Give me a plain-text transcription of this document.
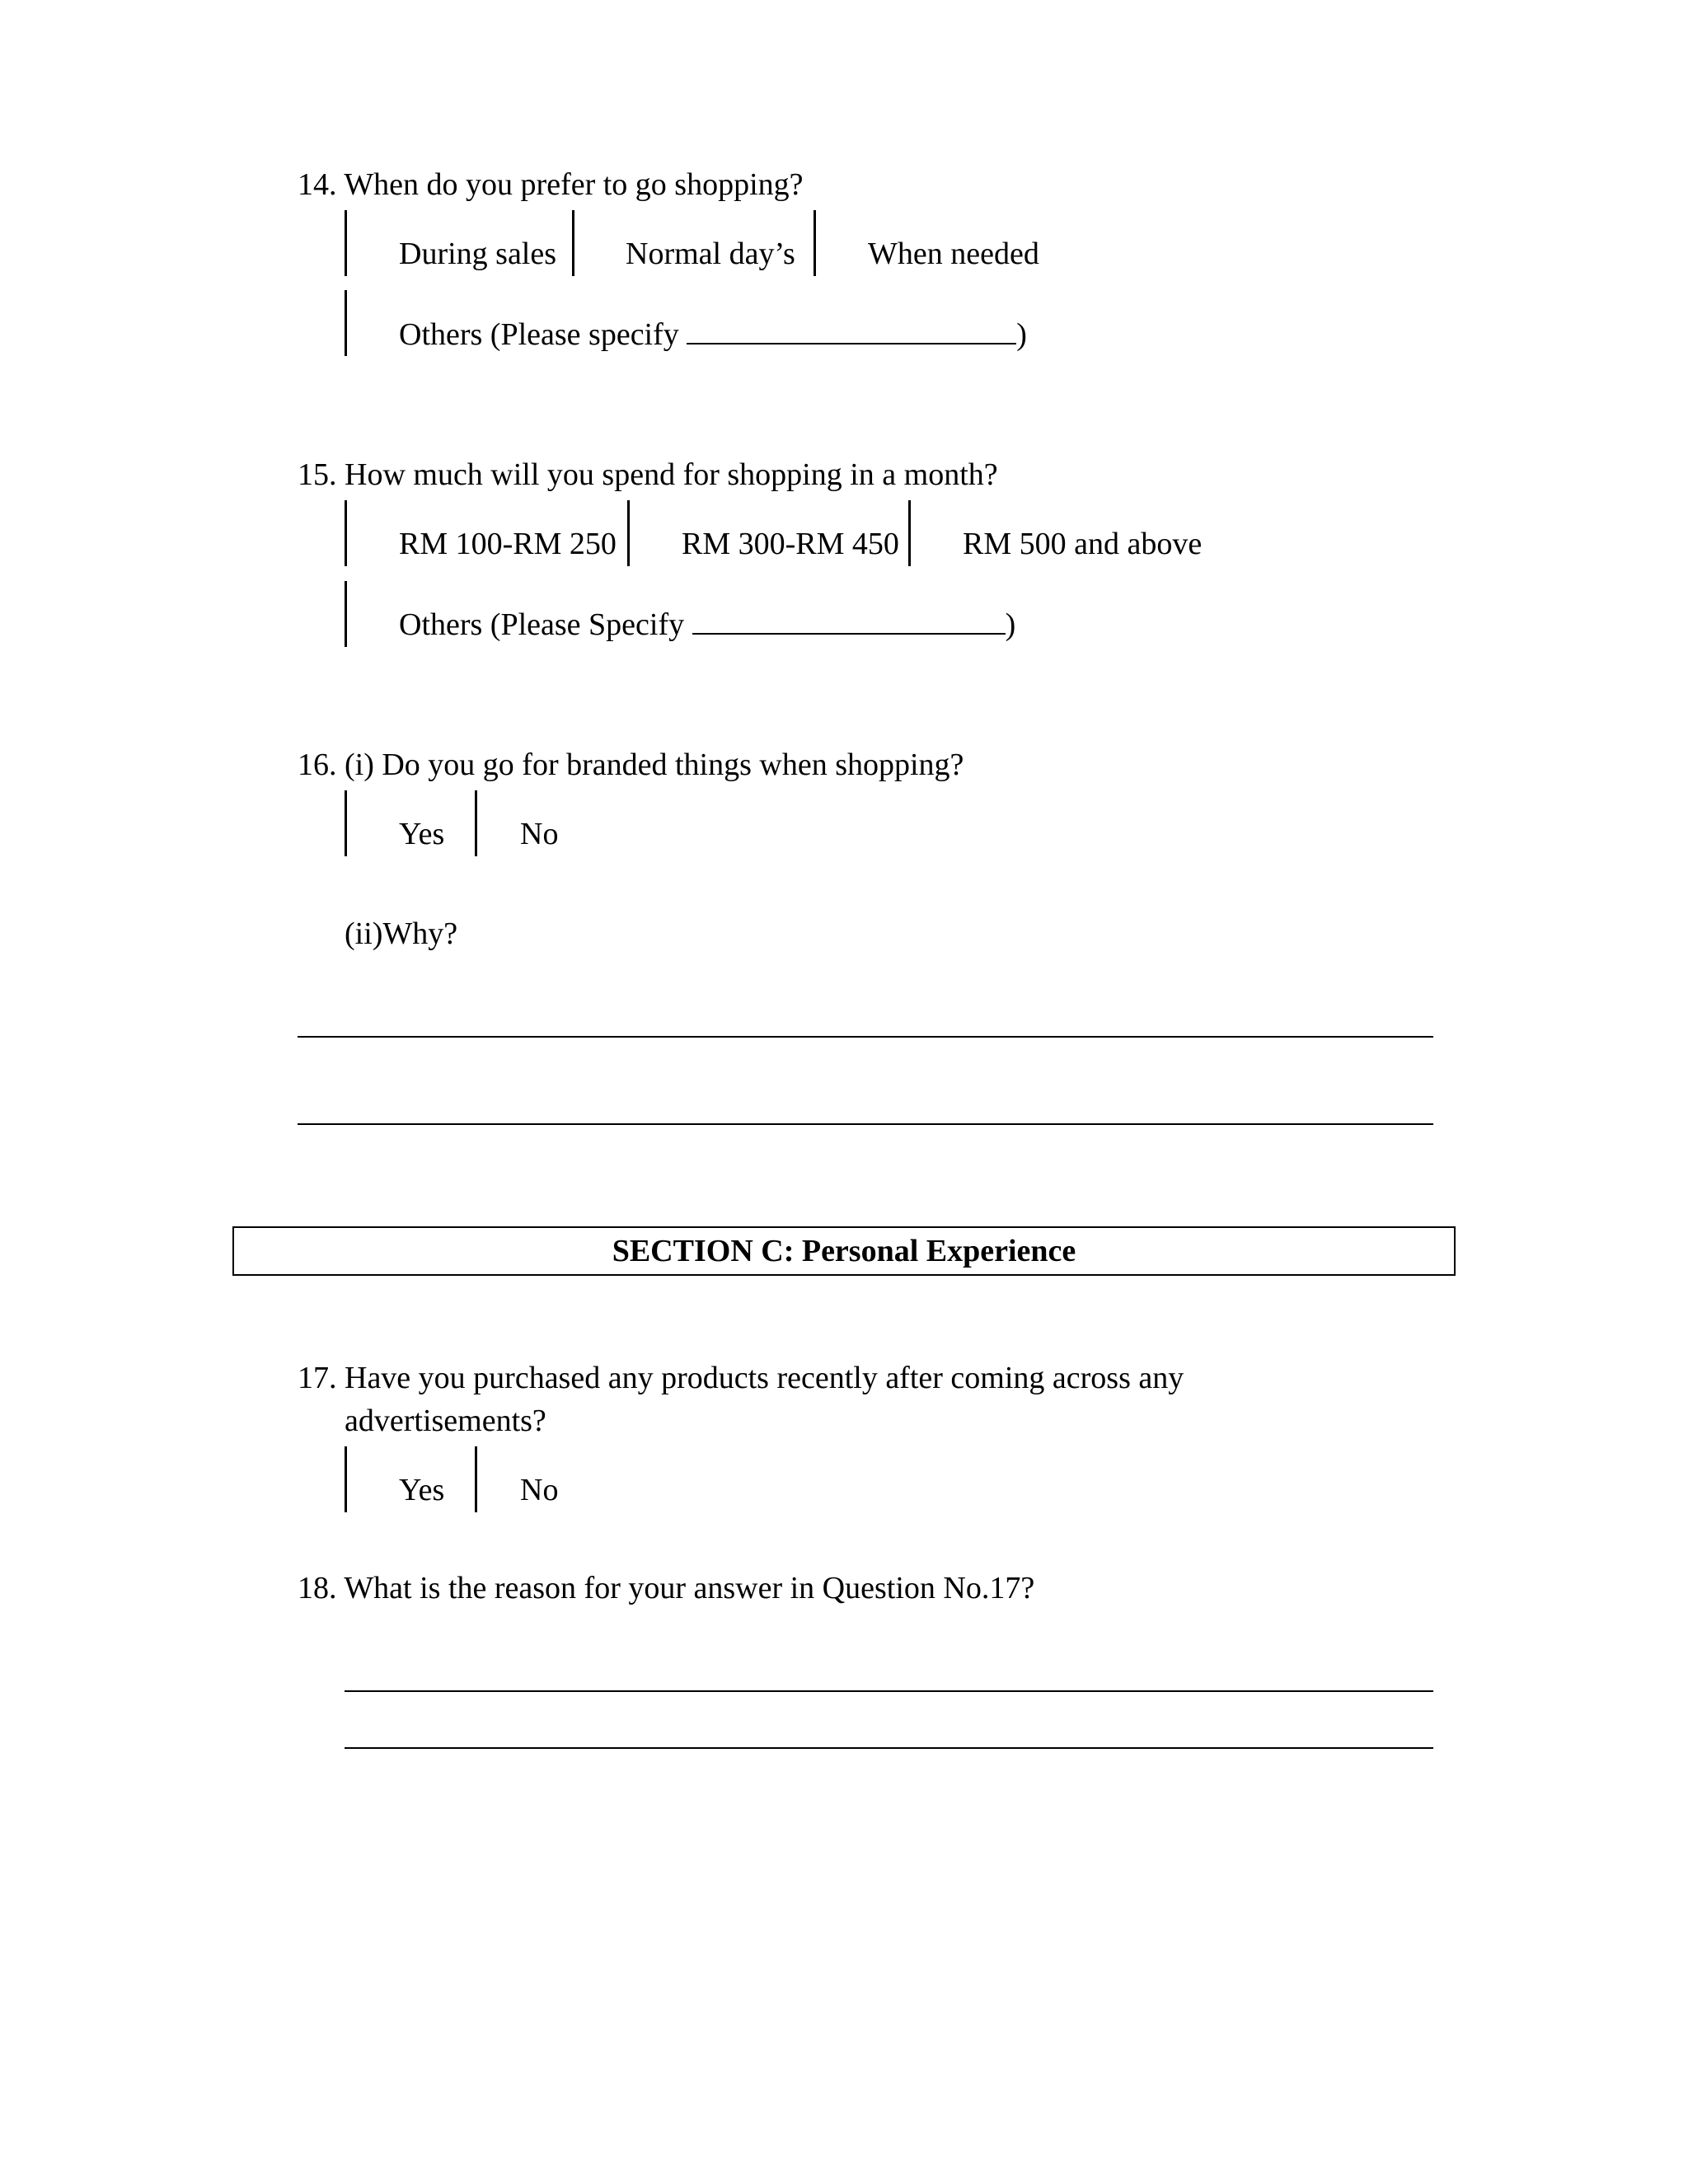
14. When do you prefer to go shopping?
During sales Normal day’s When needed
Others (Please specify	)
15. How much will you spend for shopping in a month?
RM 100-RM 250 RM 300-RM 450 RM 500 and above
Others (Please Specify	)
16. (i) Do you go for branded things when shopping?
Yes No
(ii)Why?
SECTION C: Personal Experience
17. Have you purchased any products recently after coming across any
advertisements?
Yes No
18. What is the reason for your answer in Question No.17?
